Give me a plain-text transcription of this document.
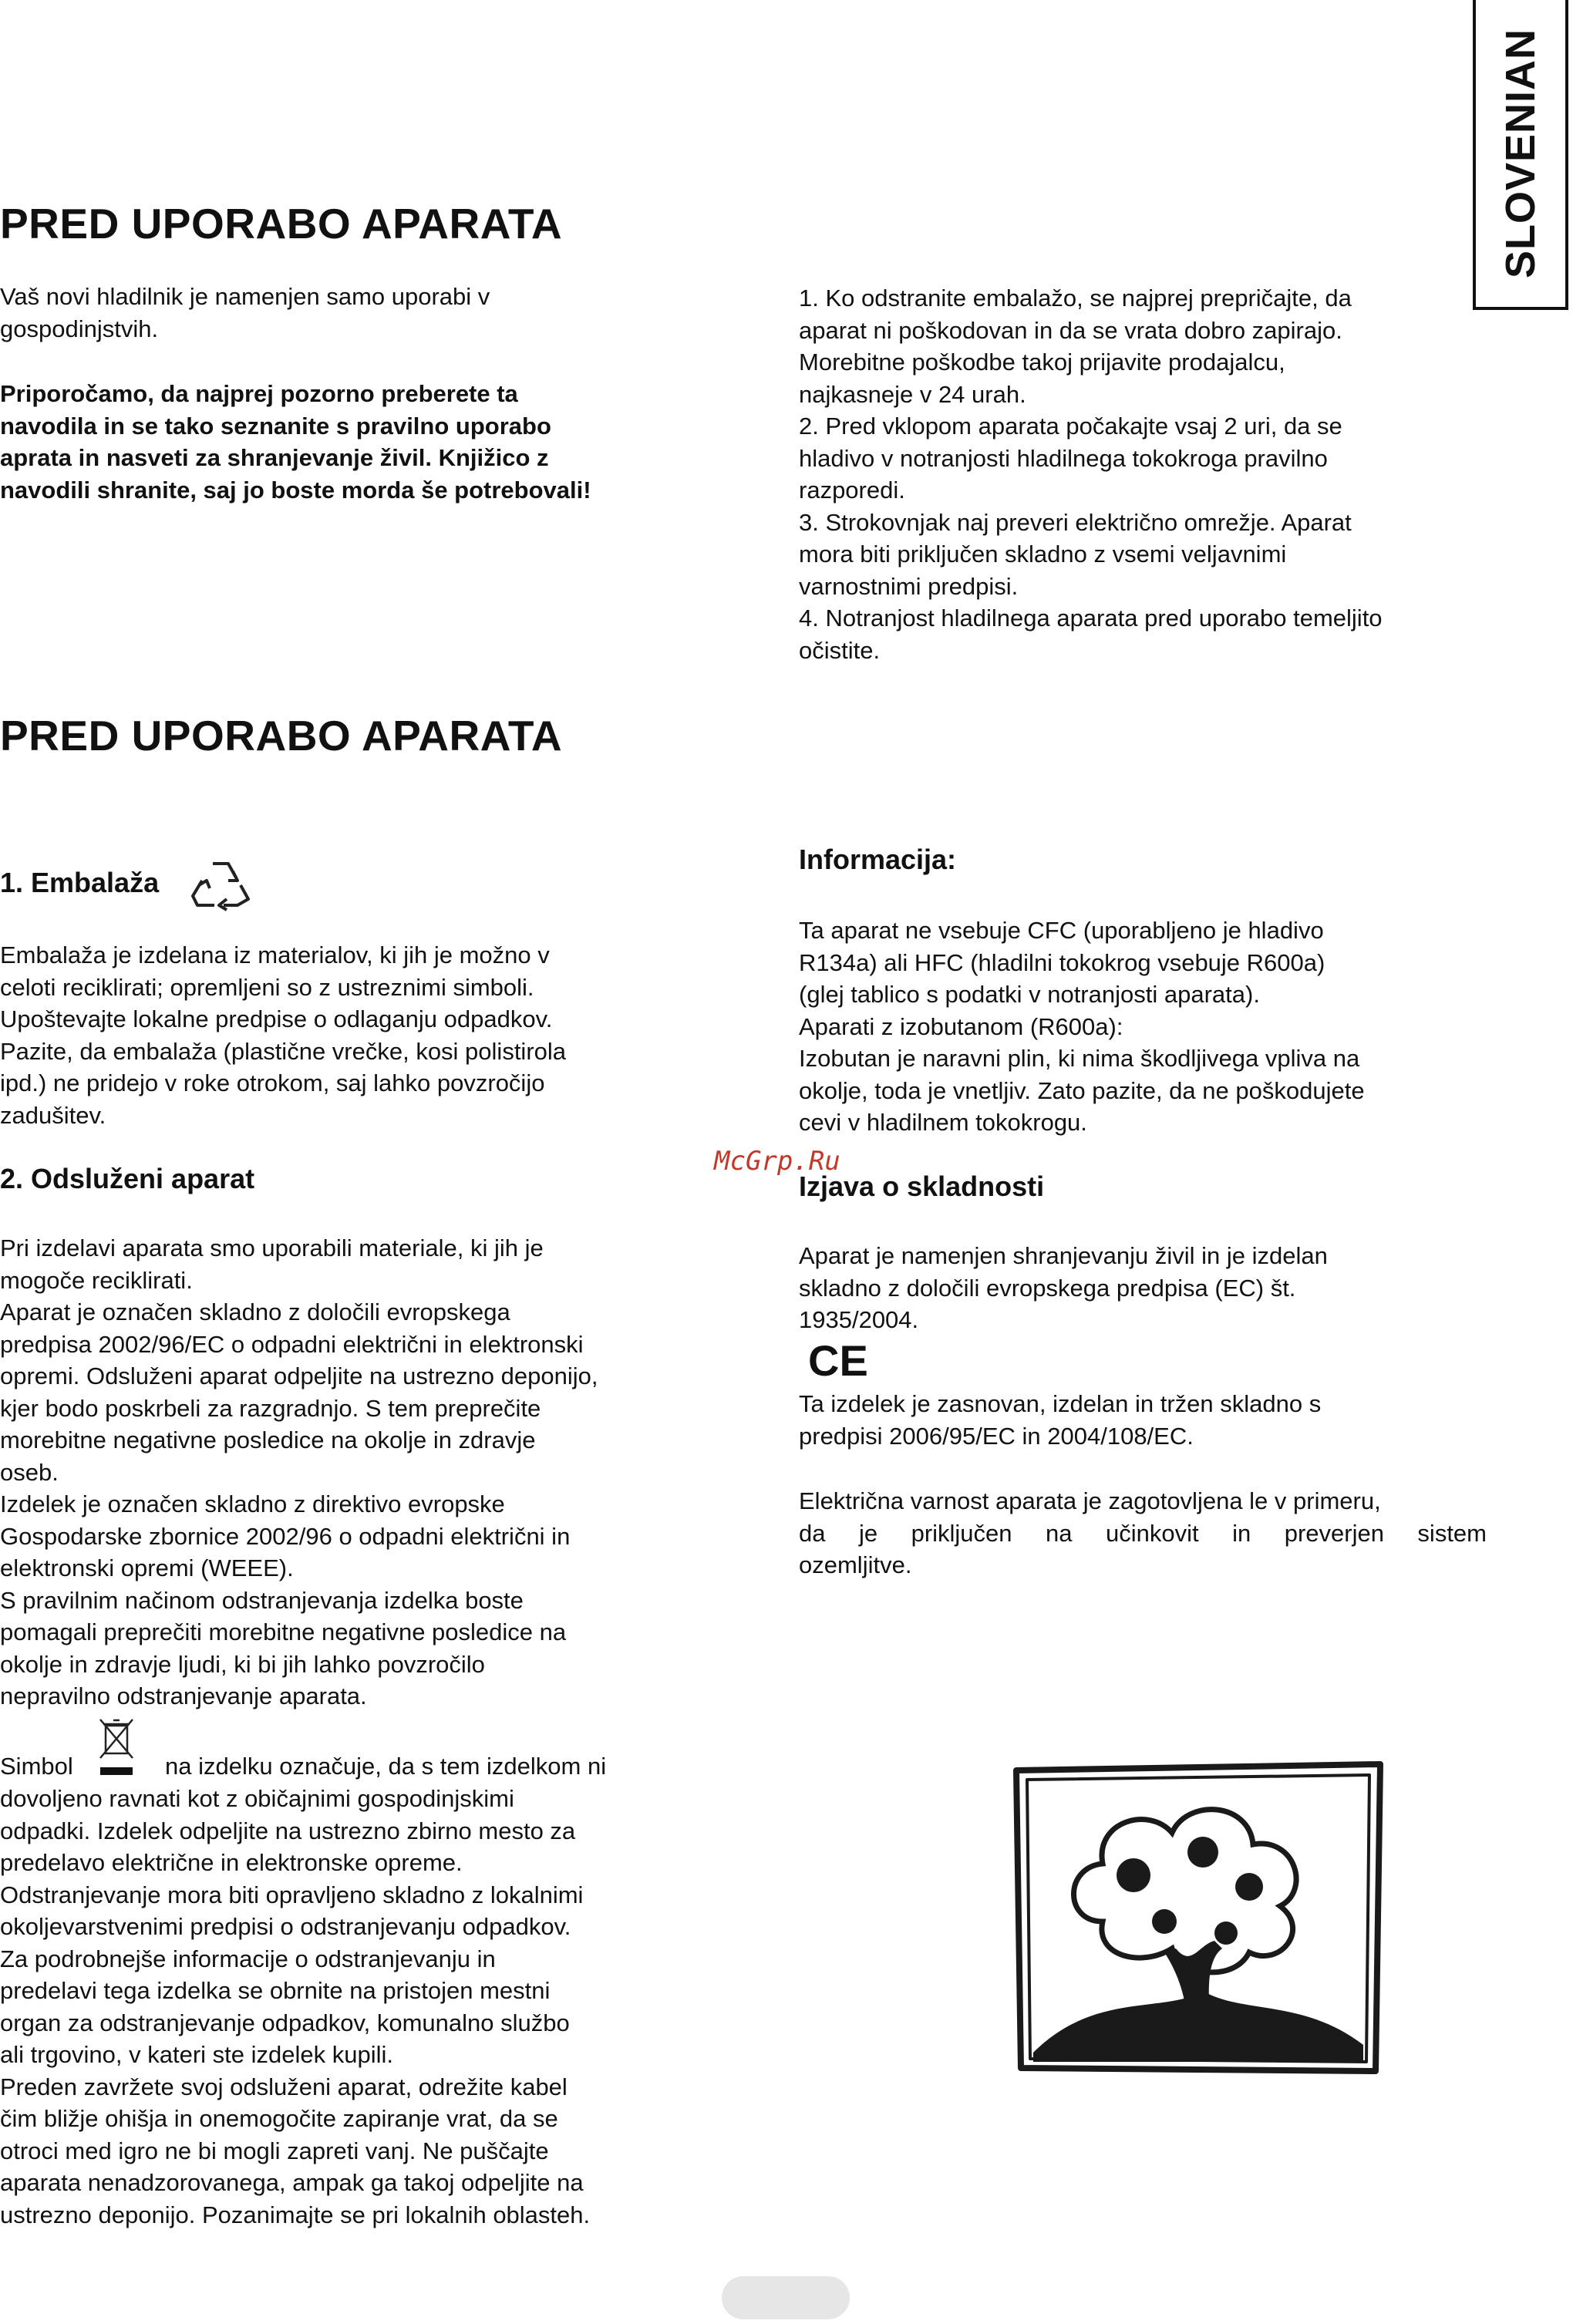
SLOVENIAN
PRED UPORABO APARATA
Vaš novi hladilnik je namenjen samo uporabi v
gospodinjstvih.
Priporočamo, da najprej pozorno preberete ta
navodila in se tako seznanite s pravilno uporabo
aprata in nasveti za shranjevanje živil. Knjižico z
navodili shranite, saj jo boste morda še potrebovali!
1. Ko odstranite embalažo, se najprej prepričajte, da
aparat ni poškodovan in da se vrata dobro zapirajo.
Morebitne poškodbe takoj prijavite prodajalcu,
najkasneje v 24 urah.
2. Pred vklopom aparata počakajte vsaj 2 uri, da se
hladivo v notranjosti hladilnega tokokroga pravilno
razporedi.
3. Strokovnjak naj preveri električno omrežje. Aparat
mora biti priključen skladno z vsemi veljavnimi
varnostnimi predpisi.
4. Notranjost hladilnega aparata pred uporabo temeljito
očistite.
PRED UPORABO APARATA
1. Embalaža
Embalaža je izdelana iz materialov, ki jih je možno v
celoti reciklirati; opremljeni so z ustreznimi simboli.
Upoštevajte lokalne predpise o odlaganju odpadkov.
Pazite, da embalaža (plastične vrečke, kosi polistirola
ipd.) ne pridejo v roke otrokom, saj lahko povzročijo
zadušitev.
2. Odsluženi aparat
Pri izdelavi aparata smo uporabili materiale, ki jih je
mogoče reciklirati.
Aparat je označen skladno z določili evropskega
predpisa 2002/96/EC o odpadni električni in elektronski
opremi. Odsluženi aparat odpeljite na ustrezno deponijo,
kjer bodo poskrbeli za razgradnjo. S tem preprečite
morebitne negativne posledice na okolje in zdravje
oseb.
Izdelek je označen skladno z direktivo evropske
Gospodarske zbornice 2002/96 o odpadni električni in
elektronski opremi (WEEE).
S pravilnim načinom odstranjevanja izdelka boste
pomagali preprečiti morebitne negativne posledice na
okolje in zdravje ljudi, ki bi jih lahko povzročilo
nepravilno odstranjevanje aparata.
Simbol	na izdelku označuje, da s tem izdelkom ni
dovoljeno ravnati kot z običajnimi gospodinjskimi
odpadki. Izdelek odpeljite na ustrezno zbirno mesto za
predelavo električne in elektronske opreme.
Odstranjevanje mora biti opravljeno skladno z lokalnimi
okoljevarstvenimi predpisi o odstranjevanju odpadkov.
Za podrobnejše informacije o odstranjevanju in
predelavi tega izdelka se obrnite na pristojen mestni
organ za odstranjevanje odpadkov, komunalno službo
ali trgovino, v kateri ste izdelek kupili.
Preden zavržete svoj odsluženi aparat, odrežite kabel
čim bližje ohišja in onemogočite zapiranje vrat, da se
otroci med igro ne bi mogli zapreti vanj. Ne puščajte
aparata nenadzorovanega, ampak ga takoj odpeljite na
ustrezno deponijo. Pozanimajte se pri lokalnih oblasteh.
Informacija:
Ta aparat ne vsebuje CFC (uporabljeno je hladivo
R134a) ali HFC (hladilni tokokrog vsebuje R600a)
(glej tablico s podatki v notranjosti aparata).
Aparati z izobutanom (R600a):
Izobutan je naravni plin, ki nima škodljivega vpliva na
okolje, toda je vnetljiv. Zato pazite, da ne poškodujete
cevi v hladilnem tokokrogu.
McGrp.Ru
Izjava o skladnosti
Aparat je namenjen shranjevanju živil in je izdelan
skladno z določili evropskega predpisa (EC) št.
1935/2004.
CE
Ta izdelek je zasnovan, izdelan in tržen skladno s
predpisi 2006/95/EC in 2004/108/EC.
Električna varnost aparata je zagotovljena le v primeru,
da je priključen na učinkovit in preverjen sistem
ozemljitve.
